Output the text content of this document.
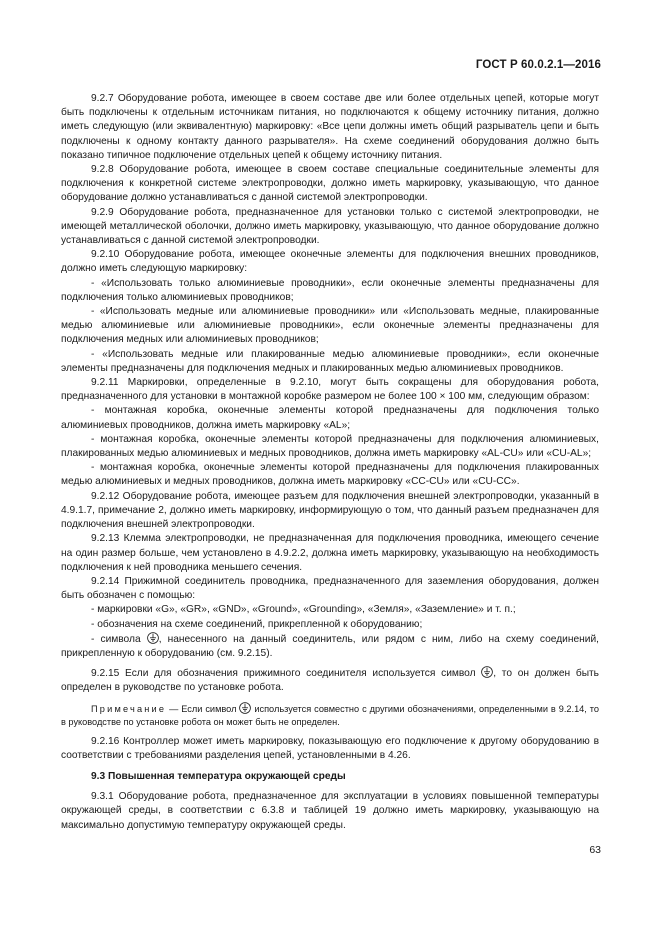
ГОСТ Р 60.0.2.1—2016

9.2.7 Оборудование робота, имеющее в своем составе две или более отдельных цепей, которые могут быть подключены к отдельным источникам питания, но подключаются к общему источнику питания, должно иметь следующую (или эквивалентную) маркировку: «Все цепи должны иметь общий разрыватель цепи и быть подключены к одному контакту данного разрывателя». На схеме соединений оборудования должно быть показано типичное подключение отдельных цепей к общему источнику питания.

9.2.8 Оборудование робота, имеющее в своем составе специальные соединительные элементы для подключения к конкретной системе электропроводки, должно иметь маркировку, указывающую, что данное оборудование должно устанавливаться с данной системой электропроводки.

9.2.9 Оборудование робота, предназначенное для установки только с системой электропроводки, не имеющей металлической оболочки, должно иметь маркировку, указывающую, что данное оборудование должно устанавливаться с данной системой электропроводки.

9.2.10 Оборудование робота, имеющее оконечные элементы для подключения внешних проводников, должно иметь следующую маркировку:

- «Использовать только алюминиевые проводники», если оконечные элементы предназначены для подключения только алюминиевых проводников;

- «Использовать медные или алюминиевые проводники» или «Использовать медные, плакированные медью алюминиевые или алюминиевые проводники», если оконечные элементы предназначены для подключения медных или алюминиевых проводников;

- «Использовать медные или плакированные медью алюминиевые проводники», если оконечные элементы предназначены для подключения медных и плакированных медью алюминиевых проводников.

9.2.11 Маркировки, определенные в 9.2.10, могут быть сокращены для оборудования робота, предназначенного для установки в монтажной коробке размером не более 100 × 100 мм, следующим образом:

- монтажная коробка, оконечные элементы которой предназначены для подключения только алюминиевых проводников, должна иметь маркировку «AL»;

- монтажная коробка, оконечные элементы которой предназначены для подключения алюминиевых, плакированных медью алюминиевых и медных проводников, должна иметь маркировку «AL-CU» или «CU-AL»;

- монтажная коробка, оконечные элементы которой предназначены для подключения плакированных медью алюминиевых и медных проводников, должна иметь маркировку «CC-CU» или «CU-CC».

9.2.12 Оборудование робота, имеющее разъем для подключения внешней электропроводки, указанный в 4.9.1.7, примечание 2, должно иметь маркировку, информирующую о том, что данный разъем предназначен для подключения внешней электропроводки.

9.2.13 Клемма электропроводки, не предназначенная для подключения проводника, имеющего сечение на один размер больше, чем установлено в 4.9.2.2, должна иметь маркировку, указывающую на необходимость подключения к ней проводника меньшего сечения.

9.2.14 Прижимной соединитель проводника, предназначенного для заземления оборудования, должен быть обозначен с помощью:

- маркировки «G», «GR», «GND», «Ground», «Grounding», «Земля», «Заземление» и т. п.;

- обозначения на схеме соединений, прикрепленной к оборудованию;

- символа , нанесенного на данный соединитель, или рядом с ним, либо на схему соединений, прикрепленную к оборудованию (см. 9.2.15).

9.2.15 Если для обозначения прижимного соединителя используется символ , то он должен быть определен в руководстве по установке робота.

Примечание — Если символ используется совместно с другими обозначениями, определенными в 9.2.14, то в руководстве по установке робота он может быть не определен.

9.2.16 Контроллер может иметь маркировку, показывающую его подключение к другому оборудованию в соответствии с требованиями разделения цепей, установленными в 4.26.

9.3 Повышенная температура окружающей среды

9.3.1 Оборудование робота, предназначенное для эксплуатации в условиях повышенной температуры окружающей среды, в соответствии с 6.3.8 и таблицей 19 должно иметь маркировку, указывающую на максимально допустимую температуру окружающей среды.

63
